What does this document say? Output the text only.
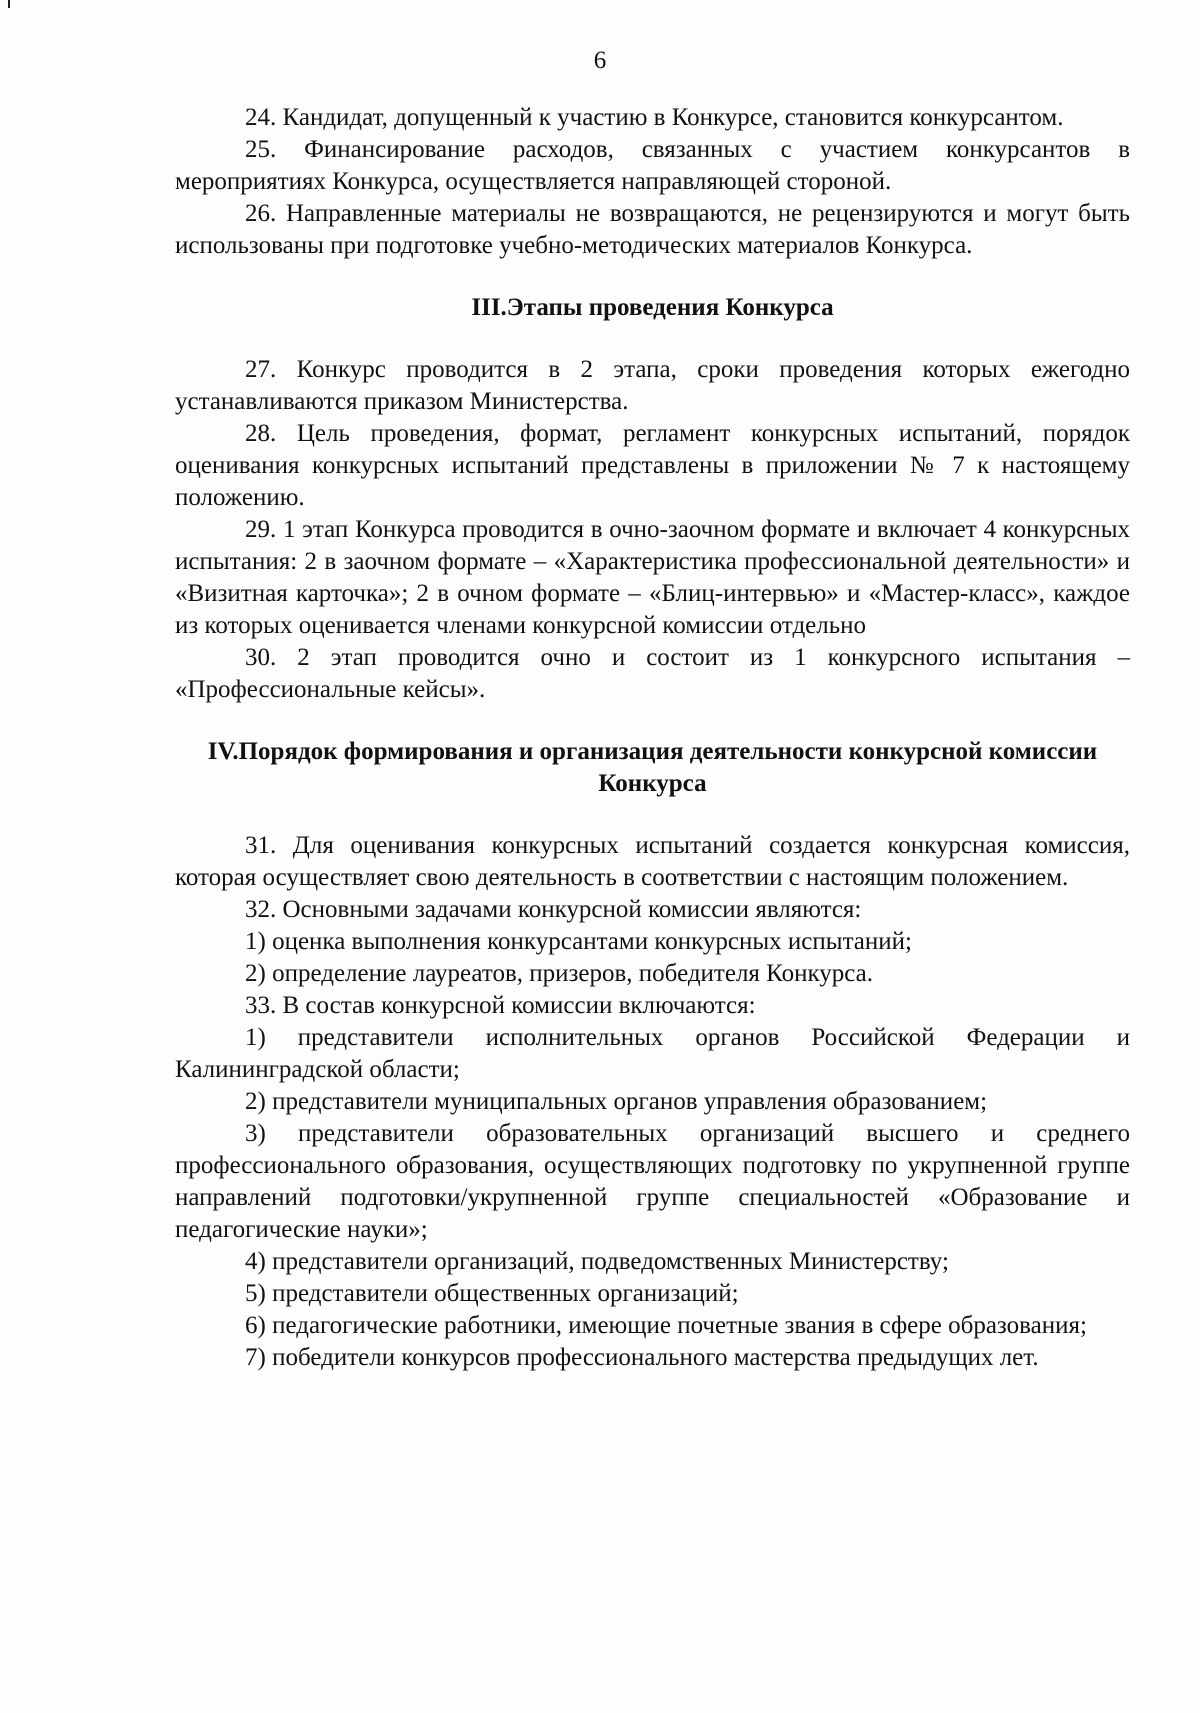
6

24. Кандидат, допущенный к участию в Конкурсе, становится конкурсантом.

25. Финансирование расходов, связанных с участием конкурсантов в мероприятиях Конкурса, осуществляется направляющей стороной.

26. Направленные материалы не возвращаются, не рецензируются и могут быть использованы при подготовке учебно-методических материалов Конкурса.

III.Этапы проведения Конкурса

27. Конкурс проводится в 2 этапа, сроки проведения которых ежегодно устанавливаются приказом Министерства.

28. Цель проведения, формат, регламент конкурсных испытаний, порядок оценивания конкурсных испытаний представлены в приложении № 7 к настоящему положению.

29. 1 этап Конкурса проводится в очно-заочном формате и включает 4 конкурсных испытания: 2 в заочном формате – «Характеристика профессиональной деятельности» и «Визитная карточка»; 2 в очном формате – «Блиц-интервью» и «Мастер-класс», каждое из которых оценивается членами конкурсной комиссии отдельно

30. 2 этап проводится очно и состоит из 1 конкурсного испытания – «Профессиональные кейсы».

IV.Порядок формирования и организация деятельности конкурсной комиссии Конкурса

31. Для оценивания конкурсных испытаний создается конкурсная комиссия, которая осуществляет свою деятельность в соответствии с настоящим положением.

32. Основными задачами конкурсной комиссии являются:

1) оценка выполнения конкурсантами конкурсных испытаний;

2) определение лауреатов, призеров, победителя Конкурса.

33. В состав конкурсной комиссии включаются:

1) представители исполнительных органов Российской Федерации и Калининградской области;

2) представители муниципальных органов управления образованием;

3) представители образовательных организаций высшего и среднего профессионального образования, осуществляющих подготовку по укрупненной группе направлений подготовки/укрупненной группе специальностей «Образование и педагогические науки»;

4) представители организаций, подведомственных Министерству;

5) представители общественных организаций;

6) педагогические работники, имеющие почетные звания в сфере образования;

7) победители конкурсов профессионального мастерства предыдущих лет.
